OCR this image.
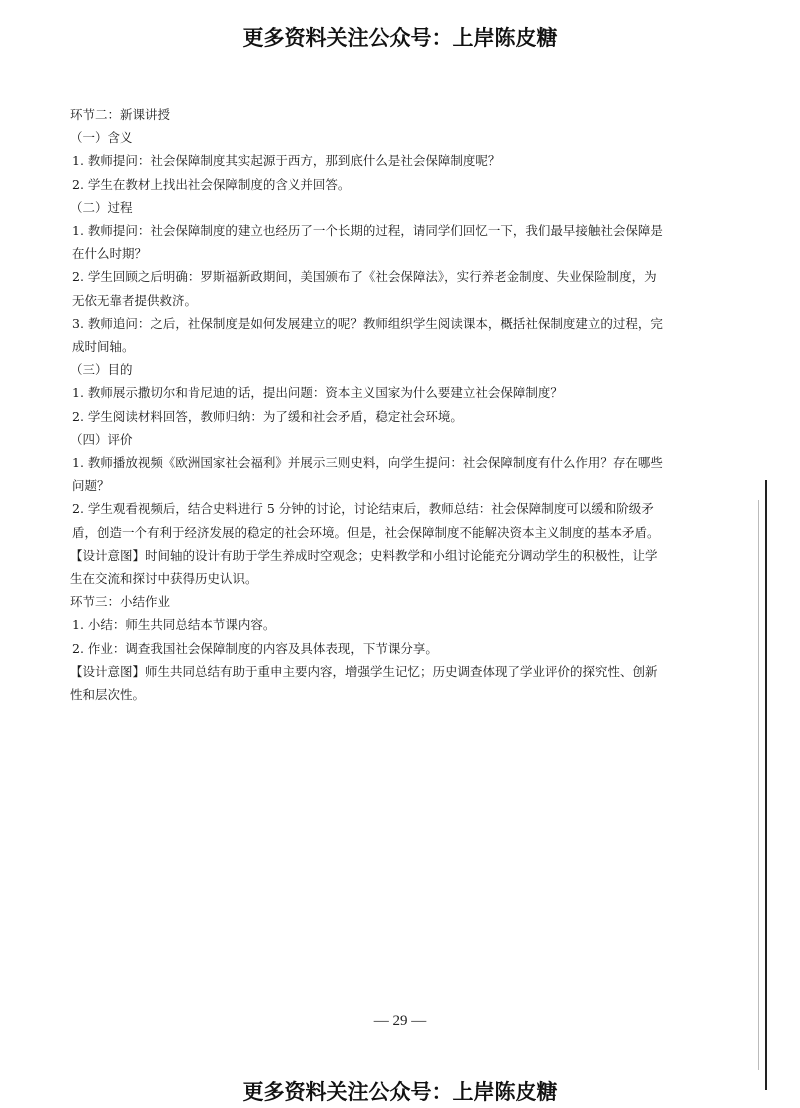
更多资料关注公众号：上岸陈皮糖

环节二：新课讲授

（一）含义

1. 教师提问：社会保障制度其实起源于西方，那到底什么是社会保障制度呢？

2. 学生在教材上找出社会保障制度的含义并回答。

（二）过程

1. 教师提问：社会保障制度的建立也经历了一个长期的过程，请同学们回忆一下，我们最早接触社会保障是在什么时期？

2. 学生回顾之后明确：罗斯福新政期间，美国颁布了《社会保障法》，实行养老金制度、失业保险制度，为无依无靠者提供救济。

3. 教师追问：之后，社保制度是如何发展建立的呢？教师组织学生阅读课本，概括社保制度建立的过程，完成时间轴。

（三）目的

1. 教师展示撒切尔和肯尼迪的话，提出问题：资本主义国家为什么要建立社会保障制度？

2. 学生阅读材料回答，教师归纳：为了缓和社会矛盾，稳定社会环境。

（四）评价

1. 教师播放视频《欧洲国家社会福利》并展示三则史料，向学生提问：社会保障制度有什么作用？存在哪些问题？

2. 学生观看视频后，结合史料进行 5 分钟的讨论，讨论结束后，教师总结：社会保障制度可以缓和阶级矛盾，创造一个有利于经济发展的稳定的社会环境。但是，社会保障制度不能解决资本主义制度的基本矛盾。

【设计意图】时间轴的设计有助于学生养成时空观念；史料教学和小组讨论能充分调动学生的积极性，让学生在交流和探讨中获得历史认识。

环节三：小结作业

1. 小结：师生共同总结本节课内容。

2. 作业：调查我国社会保障制度的内容及具体表现，下节课分享。

【设计意图】师生共同总结有助于重申主要内容，增强学生记忆；历史调查体现了学业评价的探究性、创新性和层次性。

— 29 —
更多资料关注公众号：上岸陈皮糖
